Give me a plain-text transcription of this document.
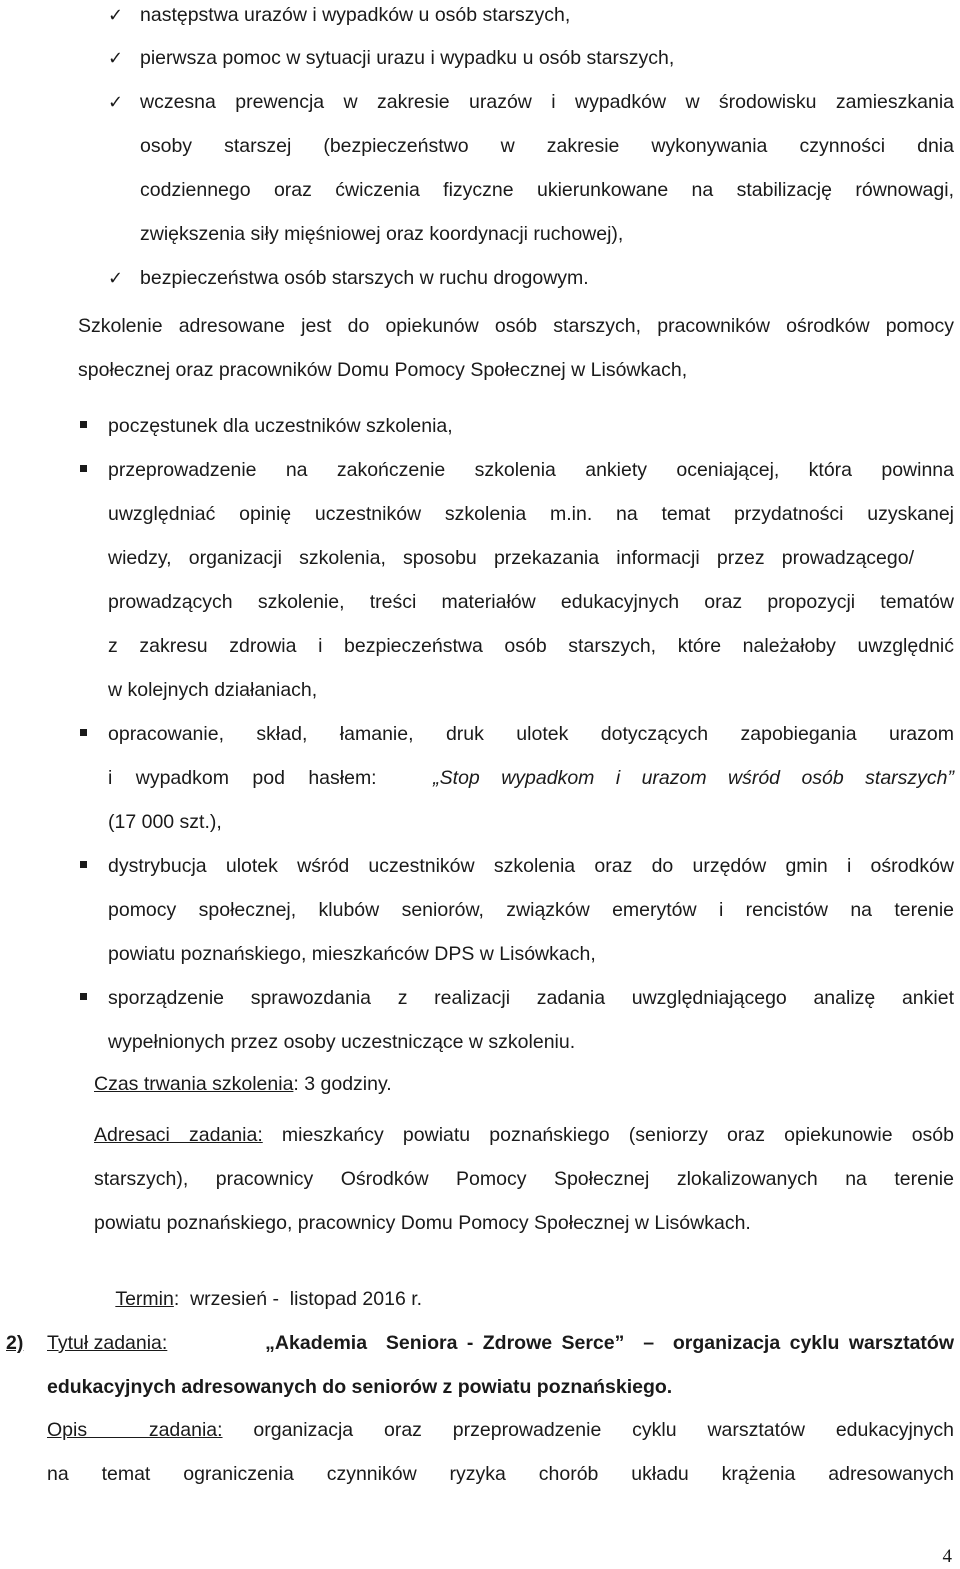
✓ następstwa urazów i wypadków u osób starszych,
✓ pierwsza pomoc w sytuacji urazu i wypadku u osób starszych,
✓ wczesna prewencja w zakresie urazów i wypadków w środowisku zamieszkania
osoby starszej (bezpieczeństwo w zakresie wykonywania czynności dnia
codziennego oraz ćwiczenia fizyczne ukierunkowane na stabilizację równowagi,
zwiększenia siły mięśniowej oraz koordynacji ruchowej),
✓ bezpieczeństwa osób starszych w ruchu drogowym.
Szkolenie adresowane jest do opiekunów osób starszych, pracowników ośrodków pomocy
społecznej oraz pracowników Domu Pomocy Społecznej w Lisówkach,
poczęstunek dla uczestników szkolenia,
przeprowadzenie na zakończenie szkolenia ankiety oceniającej, która powinna
uwzględniać opinię uczestników szkolenia m.in. na temat przydatności uzyskanej
wiedzy, organizacji szkolenia, sposobu przekazania informacji przez prowadzącego/
prowadzących szkolenie, treści materiałów edukacyjnych oraz propozycji tematów
z zakresu zdrowia i bezpieczeństwa osób starszych, które należałoby uwzględnić
w kolejnych działaniach,
opracowanie, skład, łamanie, druk ulotek dotyczących zapobiegania urazom
i wypadkom pod hasłem:	„Stop wypadkom i urazom wśród osób starszych”
(17 000 szt.),
dystrybucja ulotek wśród uczestników szkolenia oraz do urzędów gmin i ośrodków
pomocy społecznej, klubów seniorów, związków emerytów i rencistów na terenie
powiatu poznańskiego, mieszkańców DPS w Lisówkach,
sporządzenie sprawozdania z realizacji zadania uwzględniającego analizę ankiet
wypełnionych przez osoby uczestniczące w szkoleniu.
Czas trwania szkolenia: 3 godziny.
Adresaci zadania: mieszkańcy powiatu poznańskiego (seniorzy oraz opiekunowie osób
starszych), pracownicy Ośrodków Pomocy Społecznej zlokalizowanych na terenie
powiatu poznańskiego, pracownicy Domu Pomocy Społecznej w Lisówkach.

Termin:  wrzesień -  listopad 2016 r.

2) Tytuł zadania:	„Akademia  Seniora - Zdrowe Serce”  –  organizacja cyklu warsztatów
edukacyjnych adresowanych do seniorów z powiatu poznańskiego.
Opis  zadania: organizacja oraz przeprowadzenie cyklu warsztatów edukacyjnych
na temat ograniczenia czynników ryzyka chorób układu krążenia adresowanych
4
